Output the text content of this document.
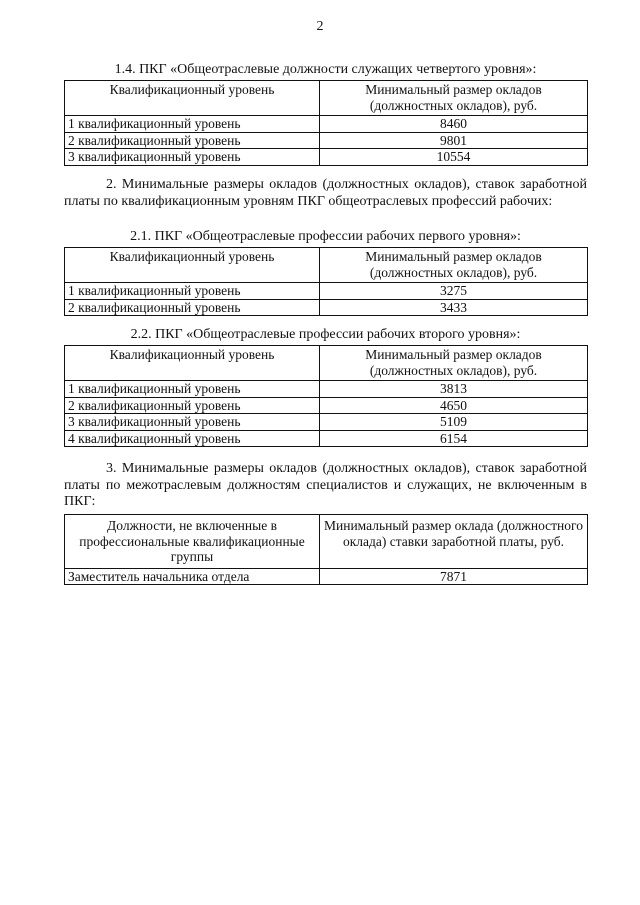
2
1.4. ПКГ «Общеотраслевые должности служащих четвертого уровня»:
Квалификационный уровень	Минимальный размер окладов (должностных окладов), руб.
1 квалификационный уровень	8460
2 квалификационный уровень	9801
3 квалификационный уровень	10554
2. Минимальные размеры окладов (должностных окладов), ставок заработной платы по квалификационным уровням ПКГ общеотраслевых профессий рабочих:
2.1. ПКГ «Общеотраслевые профессии рабочих первого уровня»:
Квалификационный уровень	Минимальный размер окладов (должностных окладов), руб.
1 квалификационный уровень	3275
2 квалификационный уровень	3433
2.2. ПКГ «Общеотраслевые профессии рабочих второго уровня»:
Квалификационный уровень	Минимальный размер окладов (должностных окладов), руб.
1 квалификационный уровень	3813
2 квалификационный уровень	4650
3 квалификационный уровень	5109
4 квалификационный уровень	6154
3. Минимальные размеры окладов (должностных окладов), ставок заработной платы по межотраслевым должностям специалистов и служащих, не включенным в ПКГ:
Должности, не включенные в профессиональные квалификационные группы	Минимальный размер оклада (должностного оклада) ставки заработной платы, руб.
Заместитель начальника отдела	7871
